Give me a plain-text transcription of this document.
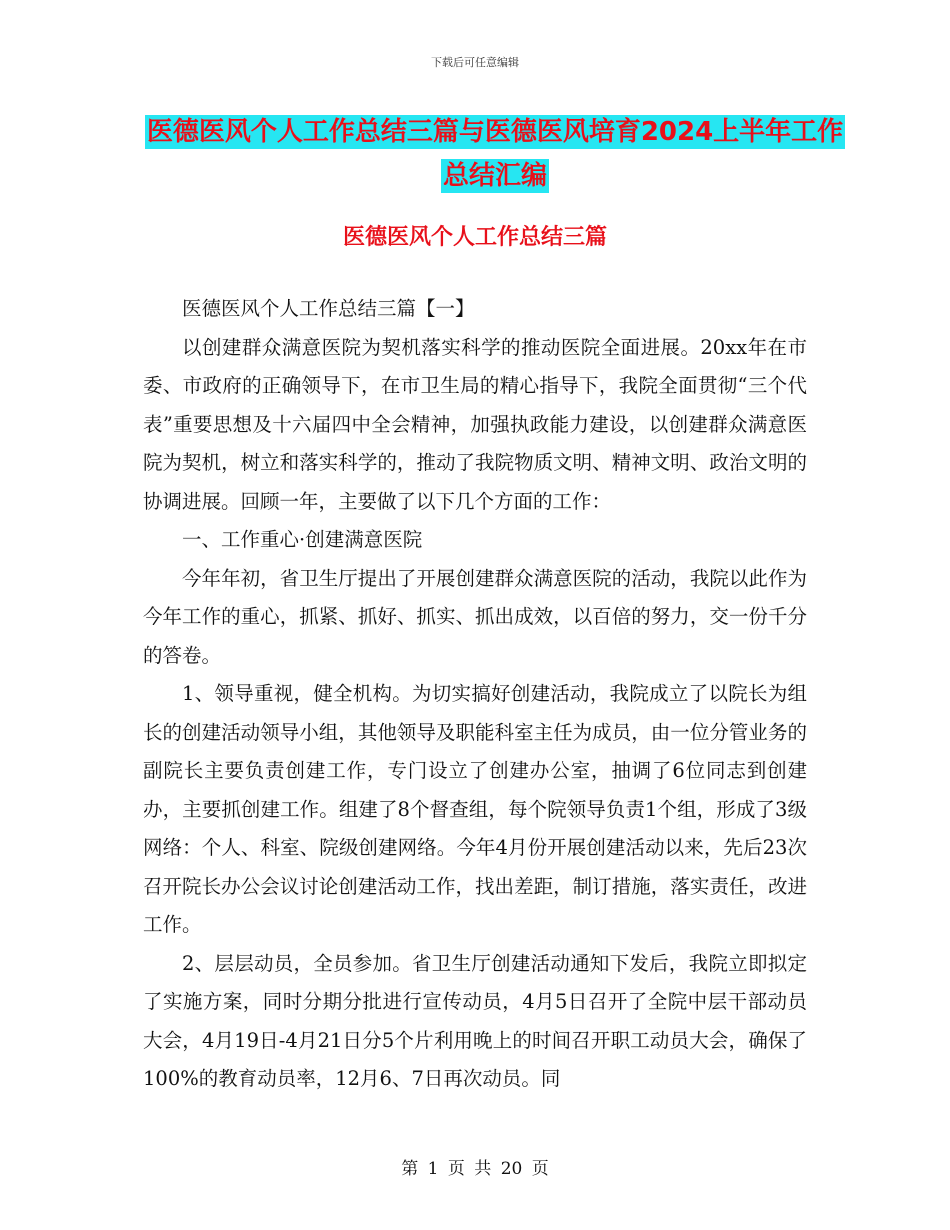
下载后可任意编辑
医德医风个人工作总结三篇与医德医风培育2024上半年工作总结汇编
医德医风个人工作总结三篇

医德医风个人工作总结三篇【一】

以创建群众满意医院为契机落实科学的推动医院全面进展。20xx年在市委、市政府的正确领导下，在市卫生局的精心指导下，我院全面贯彻“三个代表”重要思想及十六届四中全会精神，加强执政能力建设，以创建群众满意医院为契机，树立和落实科学的，推动了我院物质文明、精神文明、政治文明的协调进展。回顾一年，主要做了以下几个方面的工作：

一、工作重心·创建满意医院

今年年初，省卫生厅提出了开展创建群众满意医院的活动，我院以此作为今年工作的重心，抓紧、抓好、抓实、抓出成效，以百倍的努力，交一份千分的答卷。

1、领导重视，健全机构。为切实搞好创建活动，我院成立了以院长为组长的创建活动领导小组，其他领导及职能科室主任为成员，由一位分管业务的副院长主要负责创建工作，专门设立了创建办公室，抽调了6位同志到创建办，主要抓创建工作。组建了8个督查组，每个院领导负责1个组，形成了3级网络：个人、科室、院级创建网络。今年4月份开展创建活动以来，先后23次召开院长办公会议讨论创建活动工作，找出差距，制订措施，落实责任，改进工作。

2、层层动员，全员参加。省卫生厅创建活动通知下发后，我院立即拟定了实施方案，同时分期分批进行宣传动员，4月5日召开了全院中层干部动员大会，4月19日-4月21日分5个片利用晚上的时间召开职工动员大会，确保了100%的教育动员率，12月6、7日再次动员。同

第 1 页 共 20 页
